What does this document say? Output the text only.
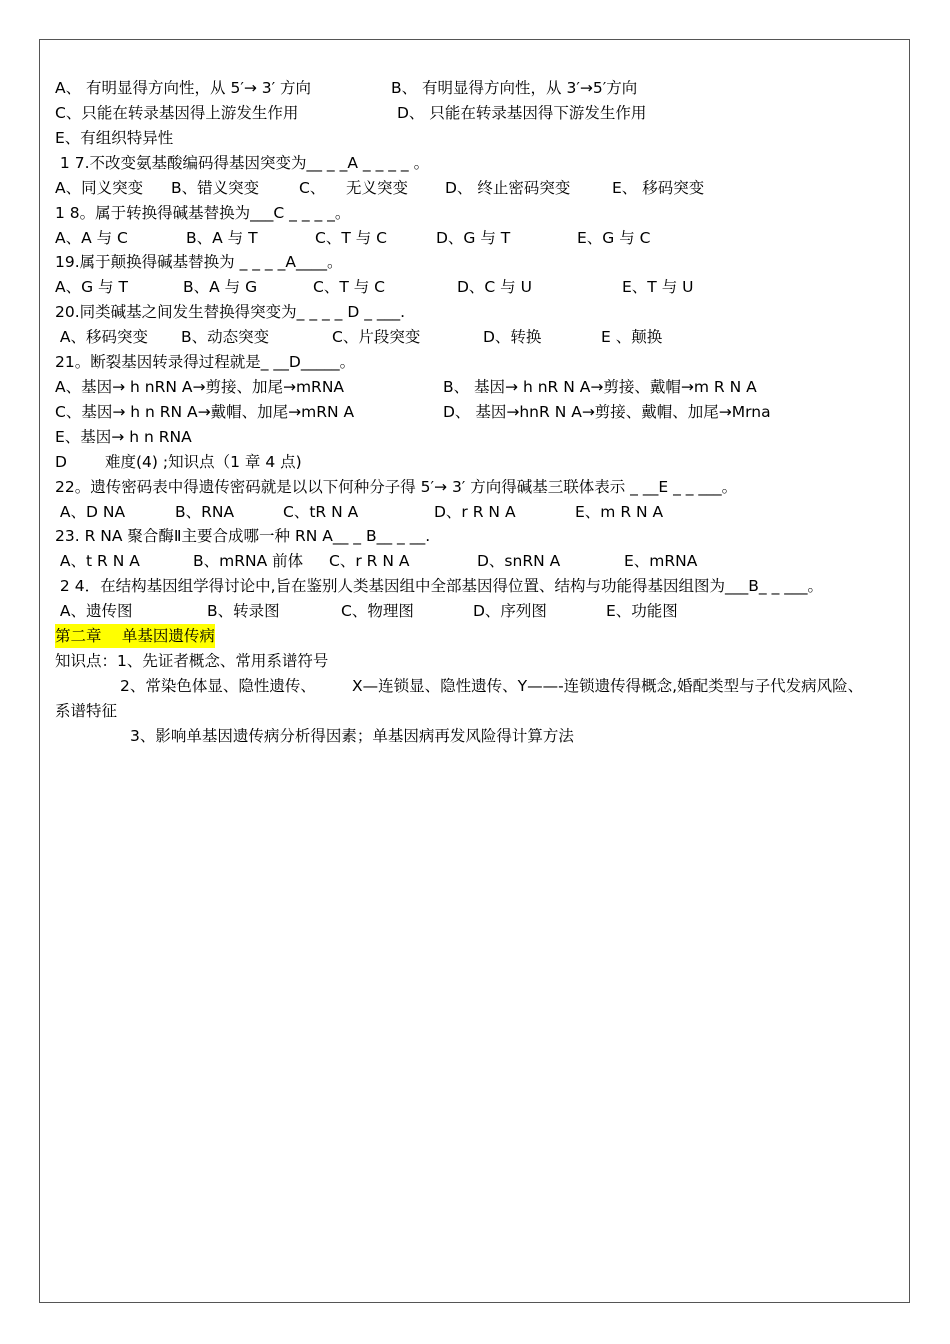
A、 有明显得方向性，从 5′→ 3′ 方向

	B、 有明显得方向性，从 3′→5′方向

C、只能在转录基因得上游发生作用

	D、 只能在转录基因得下游发生作用

E、有组织特异性

1 7.不改变氨基酸编码得基因突变为__ _ _A _ _ _ _ 。

A、同义突变

B、错义突变

	C、

无义突变

D、 终止密码突变

	E、 移码突变

1 8。属于转换得碱基替换为___C _ _ _ _。

A、A 与 C

	B、A 与 T

	C、T 与 C

	D、G 与 T

	E、G 与 C

19.属于颠换得碱基替换为 _ _ _ _A____。

A、G 与 T

	B、A 与 G

	C、T 与 C

	D、C 与 U

	E、T 与 U

20.同类碱基之间发生替换得突变为_ _ _ _ D _ ___.

A、移码突变

B、动态突变

	C、片段突变

	D、转换

	E 、颠换

21。断裂基因转录得过程就是_ __D_____。

A、基因→ h nRN A→剪接、加尾→mRNA

	B、 基因→ h nR N A→剪接、戴帽→m R N A

C、基因→ h n RN A→戴帽、加尾→mRN A

	D、 基因→hnR N A→剪接、戴帽、加尾→Mrna

E、基因→ h n RNA

D

难度(4) ;知识点（1 章 4 点)

22。遗传密码表中得遗传密码就是以以下何种分子得 5′→ 3′ 方向得碱基三联体表示 _ __E _ _ ___。

A、D NA

	B、RNA

	C、tR N A

	D、r R N A

	E、m R N A

23. R NA 聚合酶Ⅱ主要合成哪一种 RN A__ _ B__ _ __.

A、t R N A

	B、mRNA 前体

C、r R N A

	D、snRN A

	E、mRNA

2 4．在结构基因组学得讨论中,旨在鉴别人类基因组中全部基因得位置、结构与功能得基因组图为___B_ _ ___。

A、遗传图

	B、转录图

	C、物理图

	D、序列图

	E、功能图

第二章　 单基因遗传病

知识点：1、先证者概念、常用系谱符号

2、常染色体显、隐性遗传、

X—连锁显、隐性遗传、Y——-连锁遗传得概念,婚配类型与子代发病风险、

系谱特征

3、影响单基因遗传病分析得因素；单基因病再发风险得计算方法
